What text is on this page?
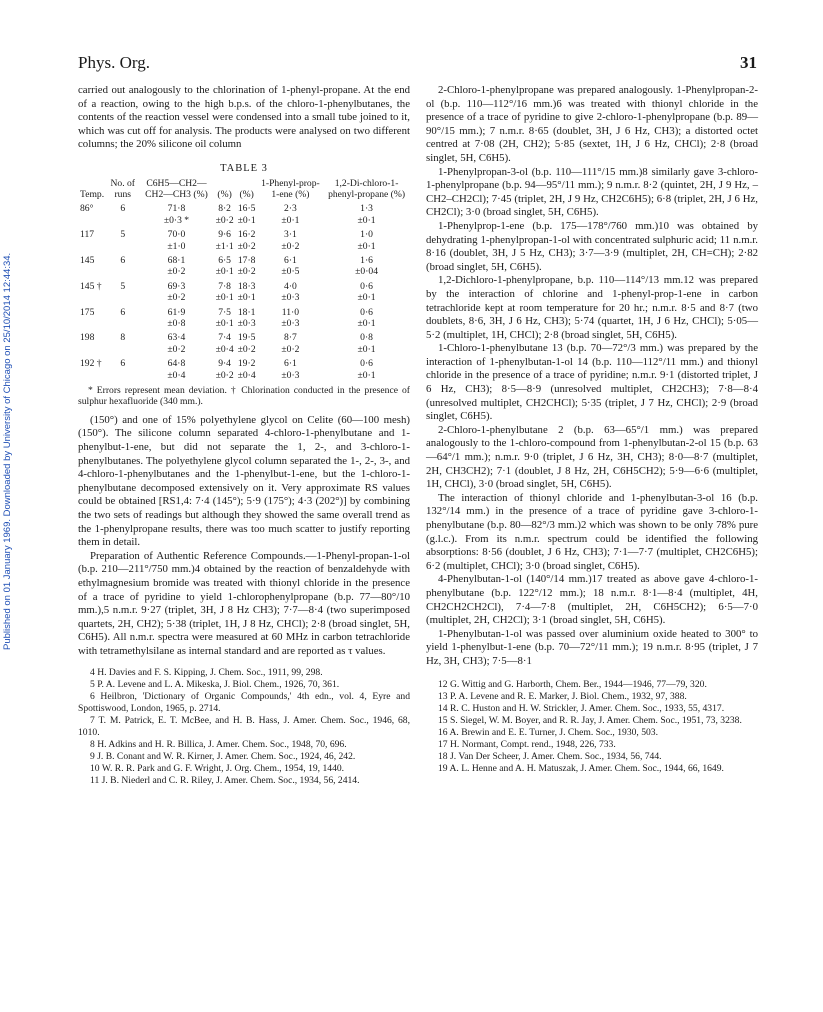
Phys. Org.	31
Published on 01 January 1969. Downloaded by University of Chicago on 25/10/2014 12:44:34.

carried out analogously to the chlorination of 1-phenyl-propane. At the end of a reaction, owing to the high b.p.s. of the chloro-1-phenylbutanes, the contents of the reaction vessel were condensed into a small tube joined to it, which was cut off for analysis. The products were analysed on two different columns; the 20% silicone oil column

TABLE 3
Temp.	No. of runs	C6H5—CH2—CH2—CH3 (%)	(%)	(%)	1-Phenyl-prop-1-ene (%)	1,2-Di-chloro-1-phenyl-propane (%)
86°	6	71·8	8·2	16·5	2·3	1·3
		±0·3 *	±0·2	±0·1	±0·1	±0·1
117	5	70·0	9·6	16·2	3·1	1·0
		±1·0	±1·1	±0·2	±0·2	±0·1
145	6	68·1	6·5	17·8	6·1	1·6
		±0·2	±0·1	±0·2	±0·5	±0·04
145 †	5	69·3	7·8	18·3	4·0	0·6
		±0·2	±0·1	±0·1	±0·3	±0·1
175	6	61·9	7·5	18·1	11·0	0·6
		±0·8	±0·1	±0·3	±0·3	±0·1
198	8	63·4	7·4	19·5	8·7	0·8
		±0·2	±0·4	±0·2	±0·2	±0·1
192 †	6	64·8	9·4	19·2	6·1	0·6
		±0·4	±0·2	±0·4	±0·3	±0·1
* Errors represent mean deviation. † Chlorination conducted in the presence of sulphur hexafluoride (340 mm.).

(150°) and one of 15% polyethylene glycol on Celite (60—100 mesh) (150°). The silicone column separated 4-chloro-1-phenylbutane and 1-phenylbut-1-ene, but did not separate the 1, 2-, and 3-chloro-1-phenylbutanes. The polyethylene glycol column separated the 1-, 2-, 3-, and 4-chloro-1-phenylbutanes and the 1-phenylbut-1-ene, but the 1-chloro-1-phenylbutane decomposed extensively on it. Very approximate RS values could be obtained [RS1,4: 7·4 (145°); 5·9 (175°); 4·3 (202°)] by combining the two sets of readings but although they showed the same overall trend as the 1-phenylpropane results, there was too much scatter to justify reporting them in detail.

Preparation of Authentic Reference Compounds.—1-Phenyl-propan-1-ol (b.p. 210—211°/750 mm.)4 obtained by the reaction of benzaldehyde with ethylmagnesium bromide was treated with thionyl chloride in the presence of a trace of pyridine to yield 1-chlorophenylpropane (b.p. 77—80°/10 mm.),5 n.m.r. 9·27 (triplet, 3H, J 8 Hz CH3); 7·7—8·4 (two superimposed quartets, 2H, CH2); 5·38 (triplet, 1H, J 8 Hz, CHCl); 2·8 (broad singlet, 5H, C6H5). All n.m.r. spectra were measured at 60 MHz in carbon tetrachloride with tetramethylsilane as internal standard and are reported as τ values.

4 H. Davies and F. S. Kipping, J. Chem. Soc., 1911, 99, 298.

5 P. A. Levene and L. A. Mikeska, J. Biol. Chem., 1926, 70, 361.

6 Heilbron, 'Dictionary of Organic Compounds,' 4th edn., vol. 4, Eyre and Spottiswood, London, 1965, p. 2714.

7 T. M. Patrick, E. T. McBee, and H. B. Hass, J. Amer. Chem. Soc., 1946, 68, 1010.

8 H. Adkins and H. R. Billica, J. Amer. Chem. Soc., 1948, 70, 696.

9 J. B. Conant and W. R. Kirner, J. Amer. Chem. Soc., 1924, 46, 242.

10 W. R. R. Park and G. F. Wright, J. Org. Chem., 1954, 19, 1440.

11 J. B. Niederl and C. R. Riley, J. Amer. Chem. Soc., 1934, 56, 2414.

2-Chloro-1-phenylpropane was prepared analogously. 1-Phenylpropan-2-ol (b.p. 110—112°/16 mm.)6 was treated with thionyl chloride in the presence of a trace of pyridine to give 2-chloro-1-phenylpropane (b.p. 89—90°/15 mm.); 7 n.m.r. 8·65 (doublet, 3H, J 6 Hz, CH3); a distorted octet centred at 7·08 (2H, CH2); 5·85 (sextet, 1H, J 6 Hz, CHCl); 2·8 (broad singlet, 5H, C6H5).

1-Phenylpropan-3-ol (b.p. 110—111°/15 mm.)8 similarly gave 3-chloro-1-phenylpropane (b.p. 94—95°/11 mm.); 9 n.m.r. 8·2 (quintet, 2H, J 9 Hz, –CH2–CH2Cl); 7·45 (triplet, 2H, J 9 Hz, CH2C6H5); 6·8 (triplet, 2H, J 6 Hz, CH2Cl); 3·0 (broad singlet, 5H, C6H5).

1-Phenylprop-1-ene (b.p. 175—178°/760 mm.)10 was obtained by dehydrating 1-phenylpropan-1-ol with concentrated sulphuric acid; 11 n.m.r. 8·16 (doublet, 3H, J 5 Hz, CH3); 3·7—3·9 (multiplet, 2H, CH=CH); 2·82 (broad singlet, 5H, C6H5).

1,2-Dichloro-1-phenylpropane, b.p. 110—114°/13 mm.12 was prepared by the interaction of chlorine and 1-phenyl-prop-1-ene in carbon tetrachloride kept at room temperature for 20 hr.; n.m.r. 8·5 and 8·7 (two doublets, 8·6, 3H, J 6 Hz, CH3); 5·74 (quartet, 1H, J 6 Hz, CHCl); 5·05—5·2 (multiplet, 1H, CHCl); 2·8 (broad singlet, 5H, C6H5).

1-Chloro-1-phenylbutane 13 (b.p. 70—72°/3 mm.) was prepared by the interaction of 1-phenylbutan-1-ol 14 (b.p. 110—112°/11 mm.) and thionyl chloride in the presence of a trace of pyridine; n.m.r. 9·1 (distorted triplet, J 6 Hz, CH3); 8·5—8·9 (unresolved multiplet, CH2CH3); 7·8—8·4 (unresolved multiplet, CH2CHCl); 5·35 (triplet, J 7 Hz, CHCl); 2·9 (broad singlet, C6H5).

2-Chloro-1-phenylbutane 2 (b.p. 63—65°/1 mm.) was prepared analogously to the 1-chloro-compound from 1-phenylbutan-2-ol 15 (b.p. 63—64°/1 mm.); n.m.r. 9·0 (triplet, J 6 Hz, 3H, CH3); 8·0—8·7 (multiplet, 2H, CH3CH2); 7·1 (doublet, J 8 Hz, 2H, C6H5CH2); 5·9—6·6 (multiplet, 1H, CHCl), 3·0 (broad singlet, 5H, C6H5).

The interaction of thionyl chloride and 1-phenylbutan-3-ol 16 (b.p. 132°/14 mm.) in the presence of a trace of pyridine gave 3-chloro-1-phenylbutane (b.p. 80—82°/3 mm.)2 which was shown to be only 78% pure (g.l.c.). From its n.m.r. spectrum could be identified the following absorptions: 8·56 (doublet, J 6 Hz, CH3); 7·1—7·7 (multiplet, CH2C6H5); 6·2 (multiplet, CHCl); 3·0 (broad singlet, C6H5).

4-Phenylbutan-1-ol (140°/14 mm.)17 treated as above gave 4-chloro-1-phenylbutane (b.p. 122°/12 mm.); 18 n.m.r. 8·1—8·4 (multiplet, 4H, CH2CH2CH2Cl), 7·4—7·8 (multiplet, 2H, C6H5CH2); 6·5—7·0 (multiplet, 2H, CH2Cl); 3·1 (broad singlet, 5H, C6H5).

1-Phenylbutan-1-ol was passed over aluminium oxide heated to 300° to yield 1-phenylbut-1-ene (b.p. 70—72°/11 mm.); 19 n.m.r. 8·95 (triplet, J 7 Hz, 3H, CH3); 7·5—8·1

12 G. Wittig and G. Harborth, Chem. Ber., 1944—1946, 77—79, 320.

13 P. A. Levene and R. E. Marker, J. Biol. Chem., 1932, 97, 388.

14 R. C. Huston and H. W. Strickler, J. Amer. Chem. Soc., 1933, 55, 4317.

15 S. Siegel, W. M. Boyer, and R. R. Jay, J. Amer. Chem. Soc., 1951, 73, 3238.

16 A. Brewin and E. E. Turner, J. Chem. Soc., 1930, 503.

17 H. Normant, Compt. rend., 1948, 226, 733.

18 J. Van Der Scheer, J. Amer. Chem. Soc., 1934, 56, 744.

19 A. L. Henne and A. H. Matuszak, J. Amer. Chem. Soc., 1944, 66, 1649.
